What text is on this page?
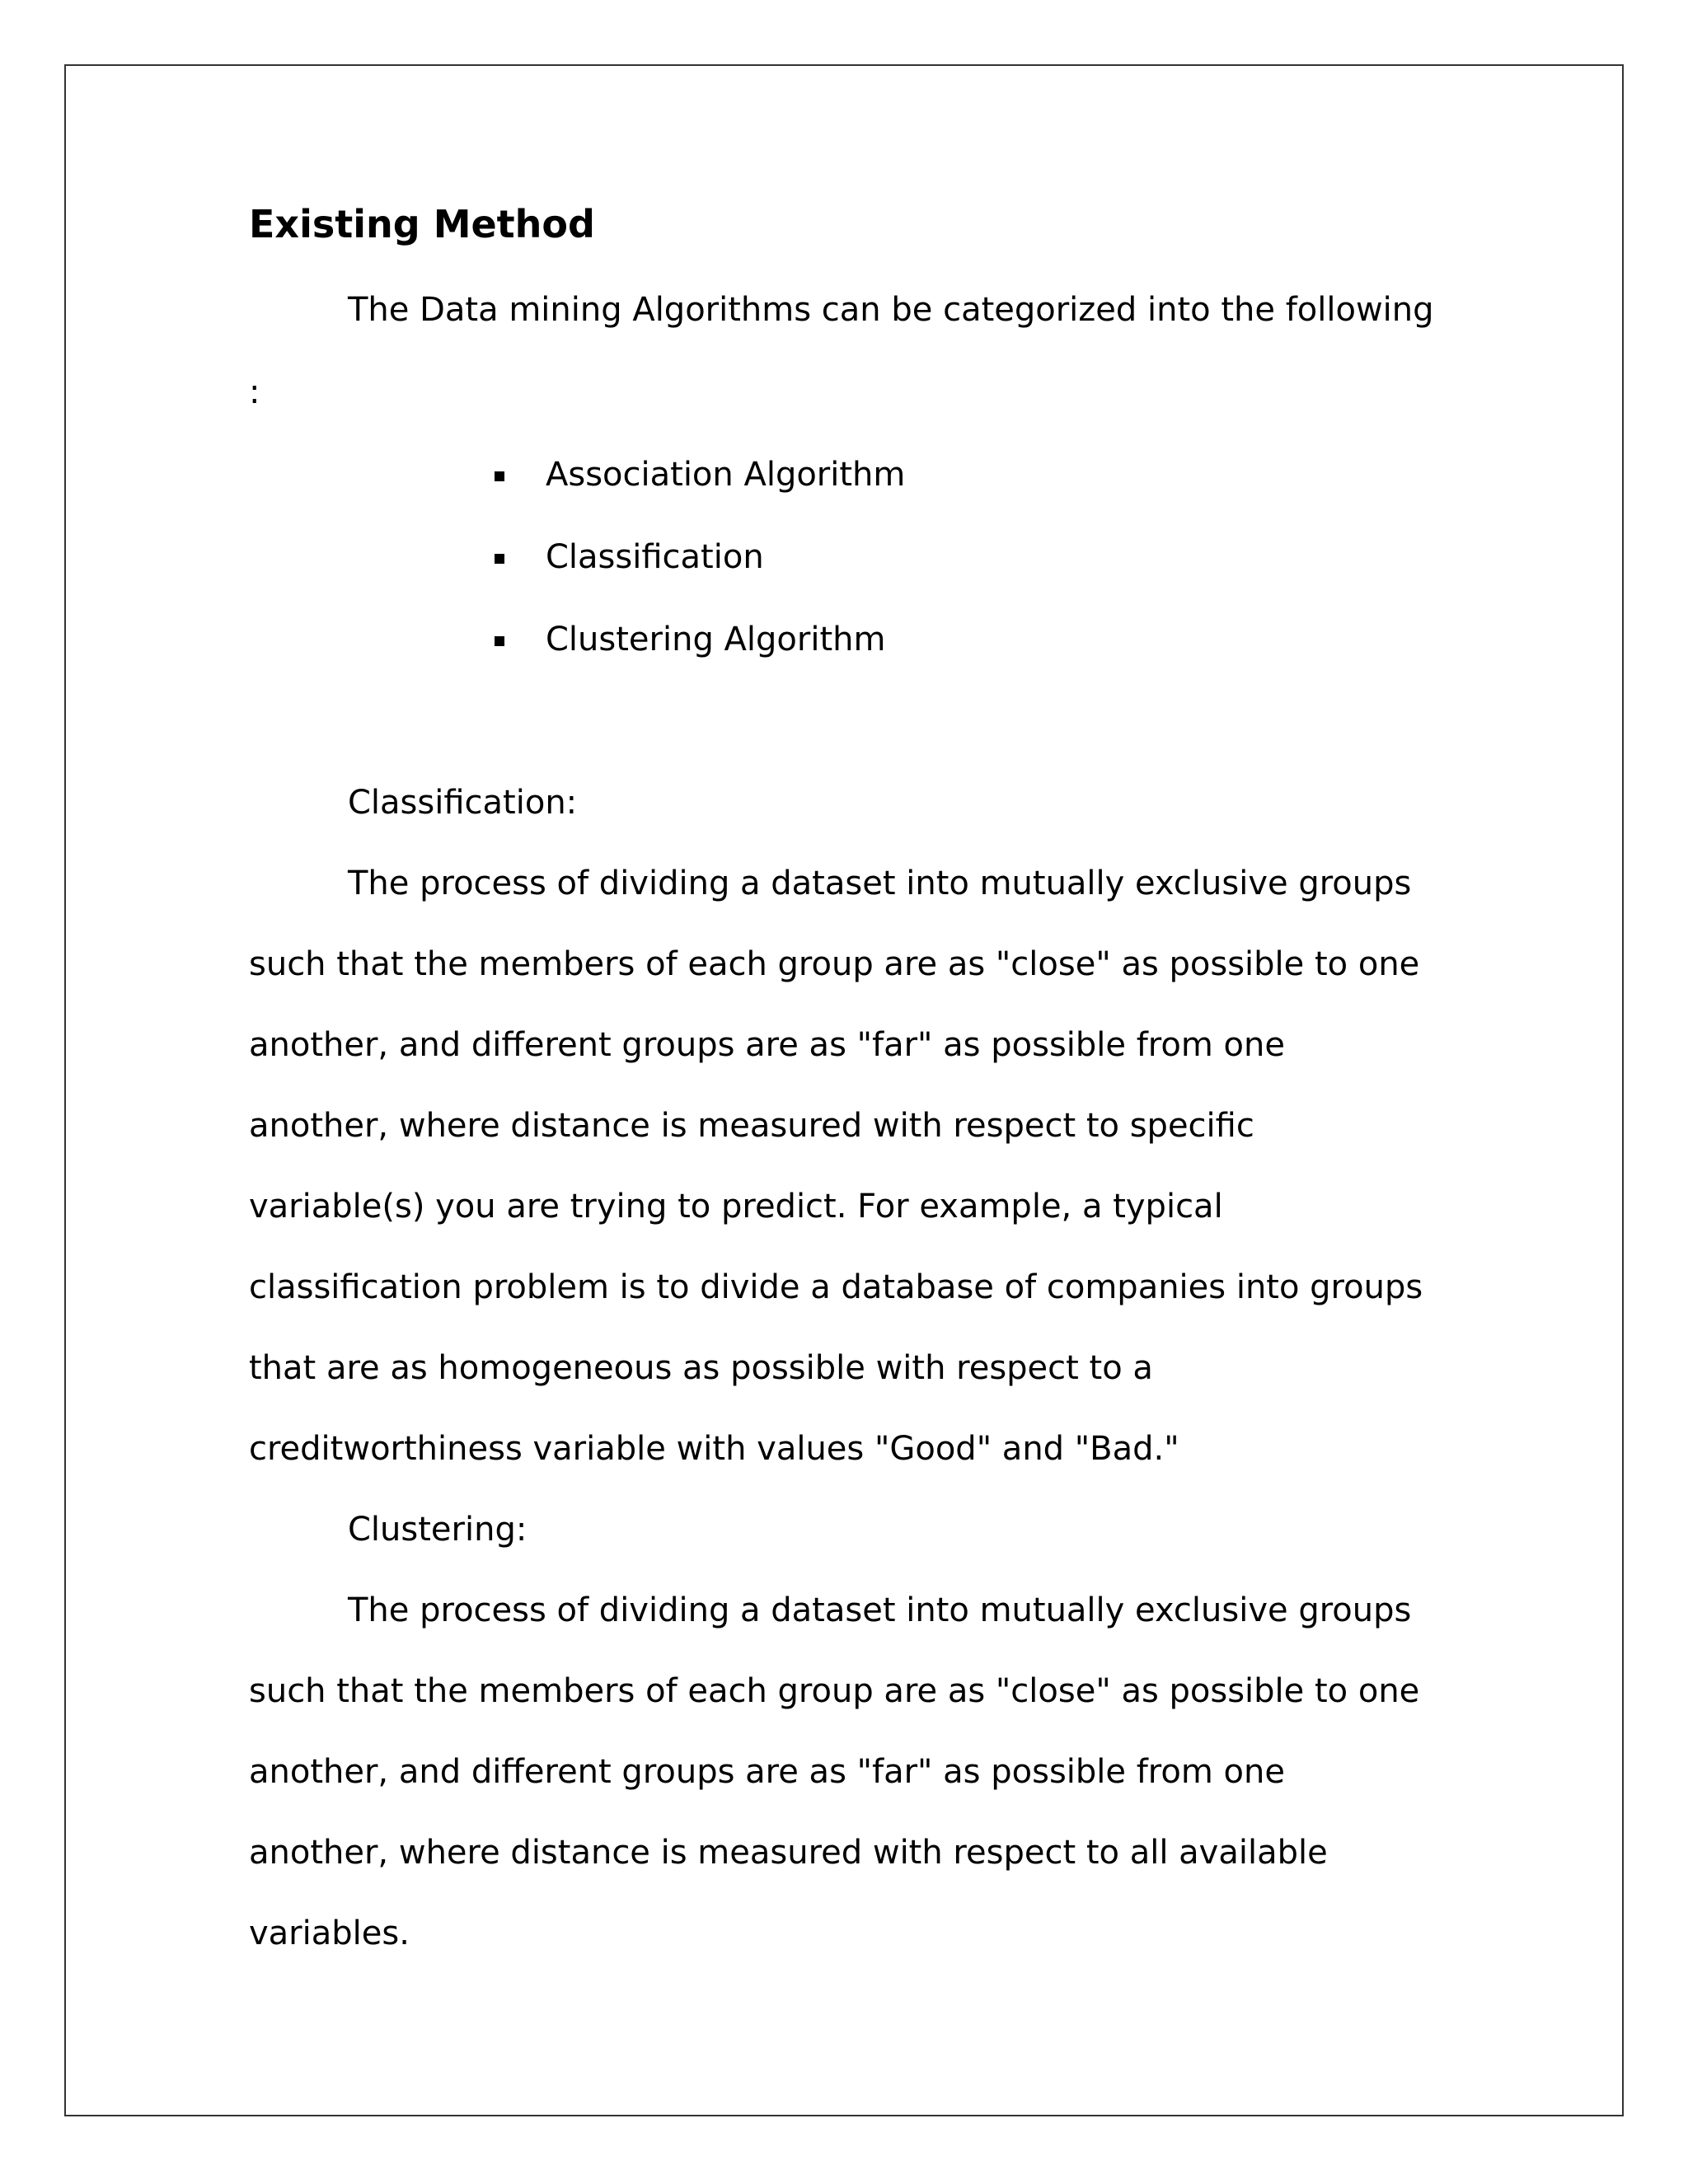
Existing Method

The Data mining Algorithms can be categorized into the following

:

Association Algorithm
Classification
Clustering Algorithm

Classification:

The process of dividing a dataset into mutually exclusive groups

such that the members of each group are as "close" as possible to one

another, and different groups are as "far" as possible from one

another, where distance is measured with respect to specific

variable(s) you are trying to predict. For example, a typical

classification problem is to divide a database of companies into groups

that are as homogeneous as possible with respect to a

creditworthiness variable with values "Good" and "Bad."

Clustering:

The process of dividing a dataset into mutually exclusive groups

such that the members of each group are as "close" as possible to one

another, and different groups are as "far" as possible from one

another, where distance is measured with respect to all available

variables.
